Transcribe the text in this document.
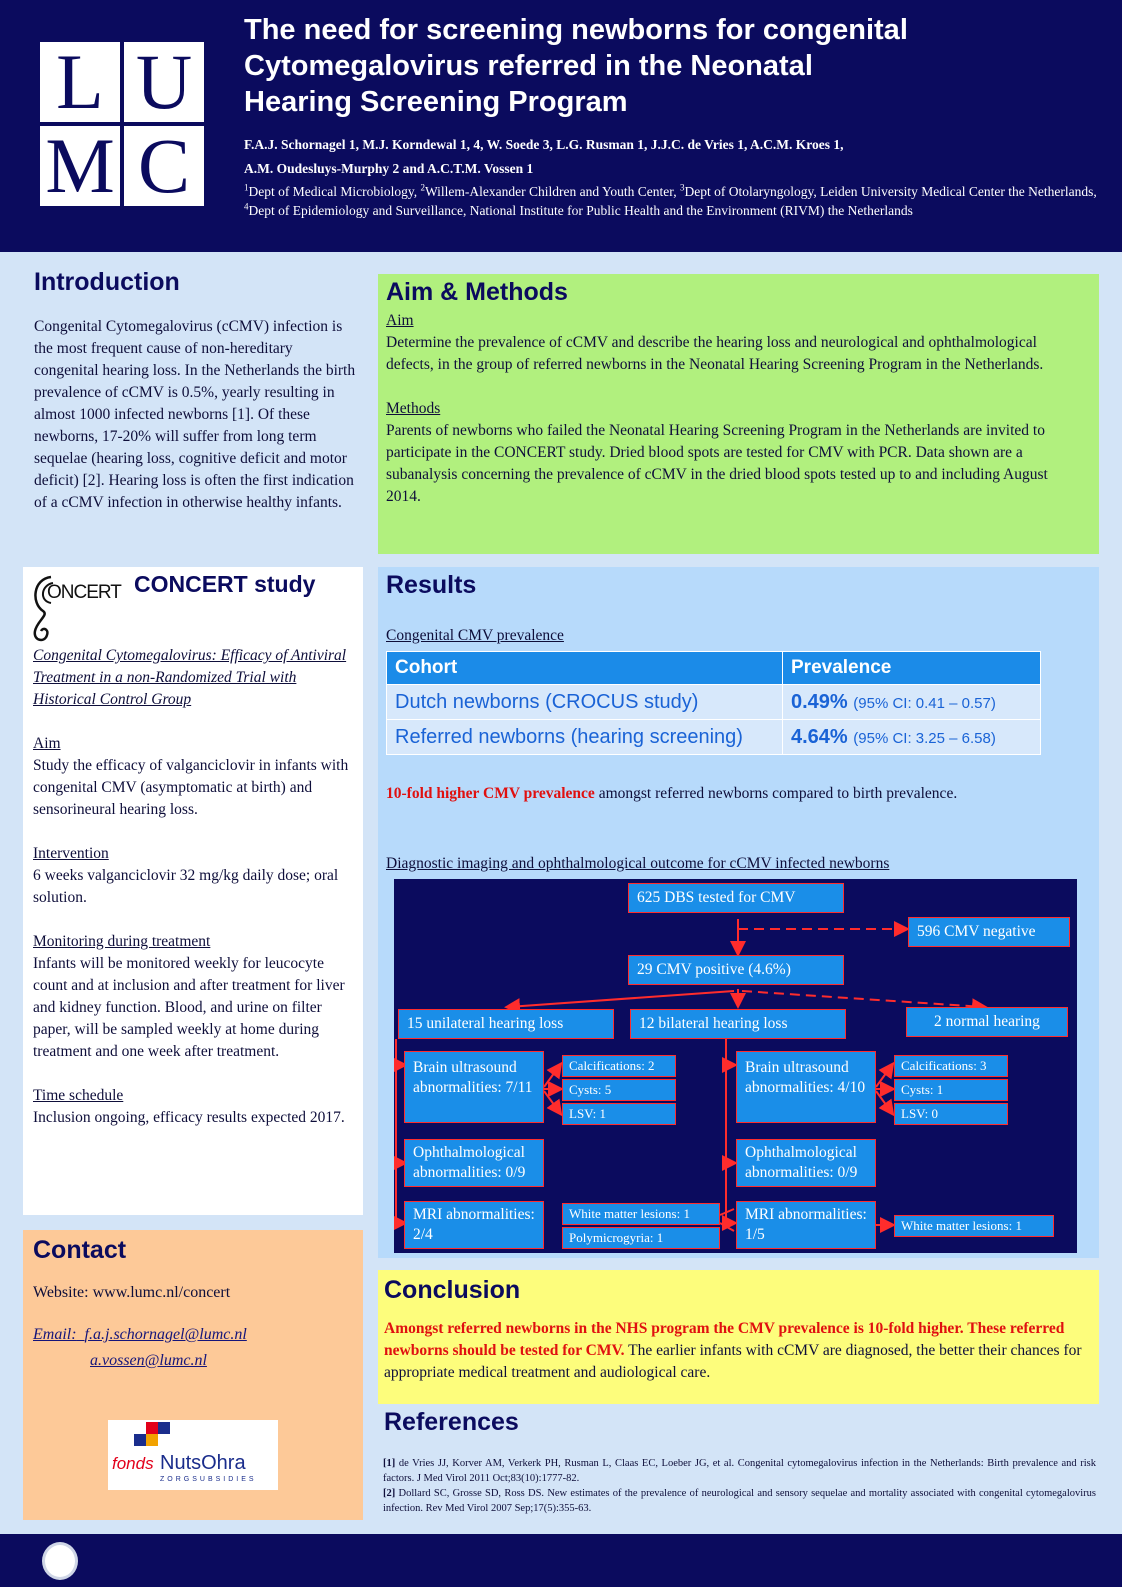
L U
M C
The need for screening newborns for congenital
Cytomegalovirus referred in the Neonatal
Hearing Screening Program
F.A.J. Schornagel 1, M.J. Korndewal 1, 4, W. Soede 3, L.G. Rusman 1, J.J.C. de Vries 1, A.C.M. Kroes 1,
A.M. Oudesluys-Murphy 2 and A.C.T.M. Vossen 1
$^1$Dept of Medical Microbiology, $^2$Willem-Alexander Children and Youth Center, $^3$Dept of Otolaryngology, Leiden University Medical Center the Netherlands, $^4$Dept of Epidemiology and Surveillance, National Institute for Public Health and the Environment (RIVM) the Netherlands
Introduction
Congenital Cytomegalovirus (cCMV) infection is the most frequent cause of non-hereditary congenital hearing loss. In the Netherlands the birth prevalence of cCMV is 0.5%, yearly resulting in almost 1000 infected newborns [1]. Of these newborns, 17-20% will suffer from long term sequelae (hearing loss, cognitive deficit and motor deficit) [2]. Hearing loss is often the first indication of a cCMV infection in otherwise healthy infants.
ONCERT CONCERT study
Congenital Cytomegalovirus: Efficacy of Antiviral Treatment in a non-Randomized Trial with Historical Control Group
Aim
Study the efficacy of valganciclovir in infants with congenital CMV (asymptomatic at birth) and sensorineural hearing loss.
Intervention
6 weeks valganciclovir 32 mg/kg daily dose; oral solution.
Monitoring during treatment
Infants will be monitored weekly for leucocyte count and at inclusion and after treatment for liver and kidney function. Blood, and urine on filter paper, will be sampled weekly at home during treatment and one week after treatment.
Time schedule
Inclusion ongoing, efficacy results expected 2017.
Contact
Website: www.lumc.nl/concert
Email: f.a.j.schornagel@lumc.nl
a.vossen@lumc.nl
fonds NutsOhra
ZORGSUBSIDIES
Aim & Methods
Aim
Determine the prevalence of cCMV and describe the hearing loss and neurological and ophthalmological defects, in the group of referred newborns in the Neonatal Hearing Screening Program in the Netherlands.
Methods
Parents of newborns who failed the Neonatal Hearing Screening Program in the Netherlands are invited to participate in the CONCERT study. Dried blood spots are tested for CMV with PCR. Data shown are a subanalysis concerning the prevalence of cCMV in the dried blood spots tested up to and including August 2014.
Results
Congenital CMV prevalence
Cohort	Prevalence
Dutch newborns (CROCUS study)	0.49% (95% CI: 0.41 – 0.57)
Referred newborns (hearing screening)	4.64% (95% CI: 3.25 – 6.58)
10-fold higher CMV prevalence amongst referred newborns compared to birth prevalence.
Diagnostic imaging and ophthalmological outcome for cCMV infected newborns
625 DBS tested for CMV
596 CMV negative
29 CMV positive (4.6%)
15 unilateral hearing loss	12 bilateral hearing loss	2 normal hearing
Brain ultrasound abnormalities: 7/11
Calcifications: 2
Cysts: 5
LSV: 1
Ophthalmological abnormalities: 0/9
MRI abnormalities: 2/4
White matter lesions: 1
Polymicrogyria: 1
Brain ultrasound abnormalities: 4/10
Calcifications: 3
Cysts: 1
LSV: 0
Ophthalmological abnormalities: 0/9
MRI abnormalities: 1/5
White matter lesions: 1
Conclusion
Amongst referred newborns in the NHS program the CMV prevalence is 10-fold higher. These referred newborns should be tested for CMV. The earlier infants with cCMV are diagnosed, the better their chances for appropriate medical treatment and audiological care.
References
[1] de Vries JJ, Korver AM, Verkerk PH, Rusman L, Claas EC, Loeber JG, et al. Congenital cytomegalovirus infection in the Netherlands: Birth prevalence and risk factors. J Med Virol 2011 Oct;83(10):1777-82.
[2] Dollard SC, Grosse SD, Ross DS. New estimates of the prevalence of neurological and sensory sequelae and mortality associated with congenital cytomegalovirus infection. Rev Med Virol 2007 Sep;17(5):355-63.
